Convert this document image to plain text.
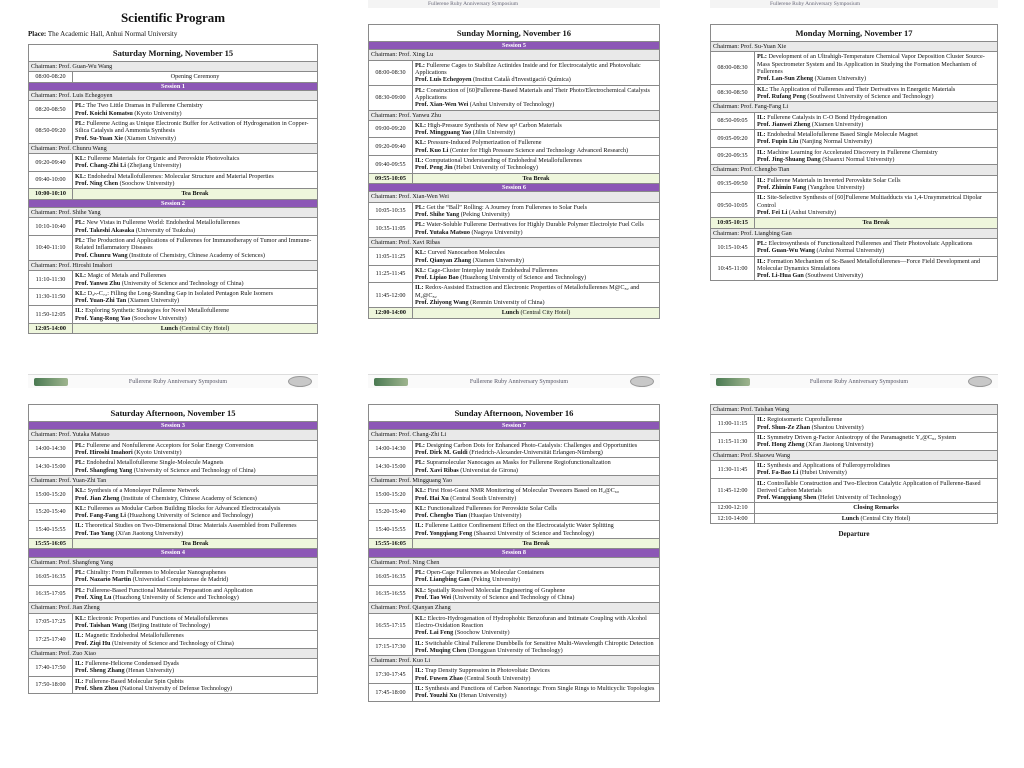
Scientific Program
Place: The Academic Hall, Anhui Normal University
Saturday Morning, November 15	
Chairman: Prof. Guan-Wu Wang	
08:00-08:20	Opening Ceremony
Session 1	
Chairman: Prof. Luis Echegoyen	
08:20-08:50	PL: The Two Little Dramas in Fullerene Chemistry
Prof. Koichi Komatsu (Kyoto University)

08:50-09:20	PL: Fullerene Acting as Unique Electronic Buffer for Activation of Hydrogenation in Copper-Silica Catalysis and Ammonia Synthesis
Prof. Su-Yuan Xie (Xiamen University)

Chairman: Prof. Chunru Wang	
09:20-09:40	KL: Fullerene Materials for Organic and Perovskite Photovoltaics
Prof. Chang-Zhi Li (Zhejiang University)

09:40-10:00	KL: Endohedral Metallofullerenes: Molecular Structure and Material Properties
Prof. Ning Chen (Soochow University)

10:00-10:10	Tea Break
Session 2	
Chairman: Prof. Shihe Yang	
10:10-10:40	PL: New Vistas in Fullerene World: Endohedral Metallofullerenes
Prof. Takeshi Akasaka (University of Tsukuba)

10:40-11:10	PL: The Production and Applications of Fullerenes for Immunotherapy of Tumor and Immune-Related Inflammatory Diseases
Prof. Chunru Wang (Institute of Chemistry, Chinese Academy of Sciences)

Chairman: Prof. Hiroshi Imahori	
11:10-11:30	KL: Magic of Metals and Fullerenes
Prof. Yanwu Zhu (University of Science and Technology of China)

11:30-11:50	KL: D₃ₕ-C₇₂: Filling the Long-Standing Gap in Isolated Pentagon Rule Isomers
Prof. Yuan-Zhi Tan (Xiamen University)

11:50-12:05	IL: Exploring Synthetic Strategies for Novel Metallofullerene
Prof. Yang-Rong Yao (Soochow University)

12:05-14:00	Lunch (Central City Hotel)
Fullerene Ruby Anniversary Symposium
Fullerene Ruby Anniversary Symposium
Sunday Morning, November 16	
Session 5	
Chairman: Prof. Xing Lu	
08:00-08:30	PL: Fullerene Cages to Stabilize Actinides Inside and for Electrocatalytic and Photovoltaic Applications
Prof. Luis Echegoyen (Institut Català d'Investigació Química)

08:30-09:00	PL: Construction of [60]Fullerene-Based Materials and Their Photo/Electrochemical Catalysis Applications
Prof. Xian-Wen Wei (Anhui University of Technology)

Chairman: Prof. Yanwu Zhu	
09:00-09:20	KL: High-Pressure Synthesis of New sp³ Carbon Materials
Prof. Mingguang Yao (Jilin University)

09:20-09:40	KL: Pressure-Induced Polymerization of Fullerene
Prof. Kuo Li (Center for High Pressure Science and Technology Advanced Research)

09:40-09:55	IL: Computational Understanding of Endohedral Metallofullerenes
Prof. Peng Jin (Hebei University of Technology)

09:55-10:05	Tea Break
Session 6	
Chairman: Prof. Xian-Wen Wei	
10:05-10:35	PL: Get the “Ball” Rolling: A Journey from Fullerenes to Solar Fuels
Prof. Shihe Yang (Peking University)

10:35-11:05	PL: Water-Soluble Fullerene Derivatives for Highly Durable Polymer Electrolyte Fuel Cells
Prof. Yutaka Matsuo (Nagoya University)

Chairman: Prof. Xavi Ribas	
11:05-11:25	KL: Curved Nanocarbon Molecules
Prof. Qianyan Zhang (Xiamen University)

11:25-11:45	KL: Cage-Cluster Interplay inside Endohedral Fullerenes
Prof. Lipiao Bao (Huazhong University of Science and Technology)

11:45-12:00	IL: Redox-Assisted Extraction and Electronic Properties of Metallofullerenes M@C₈₂ and M₂@C₈₂
Prof. Zhiyong Wang (Renmin University of China)

12:00-14:00	Lunch (Central City Hotel)
Fullerene Ruby Anniversary Symposium
Fullerene Ruby Anniversary Symposium
Monday Morning, November 17	
Chairman: Prof. Su-Yuan Xie	
08:00-08:30	PL: Development of an Ultrahigh-Temperature Chemical Vapor Deposition Cluster Source-Mass Spectrometer System and Its Application in Studying the Formation Mechanism of Fullerenes
Prof. Lan-Sun Zheng (Xiamen University)

08:30-08:50	KL: The Application of Fullerenes and Their Derivatives in Energetic Materials
Prof. Rufang Peng (Southwest University of Science and Technology)

Chairman: Prof. Fang-Fang Li	
08:50-09:05	IL: Fullerene Catalysis in C-O Bond Hydrogenation
Prof. Jianwei Zheng (Xiamen University)

09:05-09:20	IL: Endohedral Metallofullerene Based Single Molecule Magnet
Prof. Fupin Liu (Nanjing Normal University)

09:20-09:35	IL: Machine Learning for Accelerated Discovery in Fullerene Chemistry
Prof. Jing-Shuang Dang (Shaanxi Normal University)

Chairman: Prof. Chengbo Tian	
09:35-09:50	IL: Fullerene Materials in Inverted Perovskite Solar Cells
Prof. Zhimin Fang (Yangzhou University)

09:50-10:05	IL: Site-Selective Synthesis of [60]Fullerene Multiadducts via 1,4-Unsymmetrical Dipolar Control
Prof. Fei Li (Anhui University)

10:05-10:15	Tea Break
Chairman: Prof. Liangbing Gan	
10:15-10:45	PL: Electrosynthesis of Functionalized Fullerenes and Their Photovoltaic Applications
Prof. Guan-Wu Wang (Anhui Normal University)

10:45-11:00	IL: Formation Mechanism of Sc-Based Metallofullerenes—Force Field Development and Molecular Dynamics Simulations
Prof. Li-Hua Gan (Southwest University)
Fullerene Ruby Anniversary Symposium
Saturday Afternoon, November 15	
Session 3	
Chairman: Prof. Yutaka Matsuo	
14:00-14:30	PL: Fullerene and Nonfullerene Acceptors for Solar Energy Conversion
Prof. Hiroshi Imahori (Kyoto University)

14:30-15:00	PL: Endohedral Metallofullerene Single-Molecule Magnets
Prof. Shangfeng Yang (University of Science and Technology of China)

Chairman: Prof. Yuan-Zhi Tan	
15:00-15:20	KL: Synthesis of a Monolayer Fullerene Network
Prof. Jian Zheng (Institute of Chemistry, Chinese Academy of Sciences)

15:20-15:40	KL: Fullerenes as Modular Carbon Building Blocks for Advanced Electrocatalysis
Prof. Fang-Fang Li (Huazhong University of Science and Technology)

15:40-15:55	IL: Theoretical Studies on Two-Dimensional Dirac Materials Assembled from Fullerenes
Prof. Tao Yang (Xi'an Jiaotong University)

15:55-16:05	Tea Break
Session 4	
Chairman: Prof. Shangfeng Yang	
16:05-16:35	PL: Chirality: From Fullerenes to Molecular Nanographenes
Prof. Nazario Martin (Universidad Complutense de Madrid)

16:35-17:05	PL: Fullerene-Based Functional Materials: Preparation and Application
Prof. Xing Lu (Huazhong University of Science and Technology)

Chairman: Prof. Jian Zheng	
17:05-17:25	KL: Electronic Properties and Functions of Metallofullerenes
Prof. Taishan Wang (Beijing Institute of Technology)

17:25-17:40	IL: Magnetic Endohedral Metallofullerenes
Prof. Ziqi Hu (University of Science and Technology of China)

Chairman: Prof. Zuo Xiao	
17:40-17:50	IL: Fullerene-Helicene Condensed Dyads
Prof. Sheng Zhang (Henan University)

17:50-18:00	IL: Fullerene-Based Molecular Spin Qubits
Prof. Shen Zhou (National University of Defense Technology)
Sunday Afternoon, November 16	
Session 7	
Chairman: Prof. Chang-Zhi Li	
14:00-14:30	PL: Designing Carbon Dots for Enhanced Photo-Catalysis: Challenges and Opportunities
Prof. Dirk M. Guldi (Friedrich-Alexander-Universität Erlangen-Nürnberg)

14:30-15:00	PL: Supramolecular Nanocages as Masks for Fullerene Regiofunctionalization
Prof. Xavi Ribas (Universitat de Girona)

Chairman: Prof. Mingguang Yao	
15:00-15:20	KL: First Host-Guest NMR Monitoring of Molecular Tweezers Based on H₂@C₆₀
Prof. Hai Xu (Central South University)

15:20-15:40	KL: Functionalized Fullerenes for Perovskite Solar Cells
Prof. Chengbo Tian (Huaqiao University)

15:40-15:55	IL: Fullerene Lattice Confinement Effect on the Electrocatalytic Water Splitting
Prof. Yongqiang Feng (Shaanxi University of Science and Technology)

15:55-16:05	Tea Break
Session 8	
Chairman: Prof. Ning Chen	
16:05-16:35	PL: Open-Cage Fullerenes as Molecular Containers
Prof. Liangbing Gan (Peking University)

16:35-16:55	KL: Spatially Resolved Molecular Engineering of Graphene
Prof. Tao Wei (University of Science and Technology of China)

Chairman: Prof. Qianyan Zhang	
16:55-17:15	KL: Electro-Hydrogenation of Hydrophobic Benzofuran and Intimate Coupling with Alcohol Electro-Oxidation Reaction
Prof. Lai Feng (Soochow University)

17:15-17:30	IL: Switchable Chiral Fullerene Dumbbells for Sensitive Multi-Wavelength Chiroptic Detection
Prof. Muqing Chen (Dongguan University of Technology)

Chairman: Prof. Kuo Li	
17:30-17:45	IL: Trap Density Suppression in Photovoltaic Devices
Prof. Fuwen Zhao (Central South University)

17:45-18:00	IL: Synthesis and Functions of Carbon Nanorings: From Single Rings to Multicyclic Topologies
Prof. Youzhi Xu (Henan University)
Chairman: Prof. Taishan Wang	
11:00-11:15	IL: Regioisomeric Cuprofullerene
Prof. Shun-Ze Zhan (Shantou University)

11:15-11:30	IL: Symmetry Driven g-Factor Anisotropy of the Paramagnetic Y₂@C₈₂ System
Prof. Hong Zheng (Xi'an Jiaotong University)

Chairman: Prof. Shaowu Wang	
11:30-11:45	IL: Synthesis and Applications of Fulleropyrrolidines
Prof. Fa-Bao Li (Hubei University)

11:45-12:00	IL: Controllable Construction and Two-Electron Catalytic Application of Fullerene-Based Derived Carbon Materials
Prof. Wangqiang Shen (Hefei University of Technology)

12:00-12:10	Closing Remarks
12:10-14:00	Lunch (Central City Hotel)
Departure
